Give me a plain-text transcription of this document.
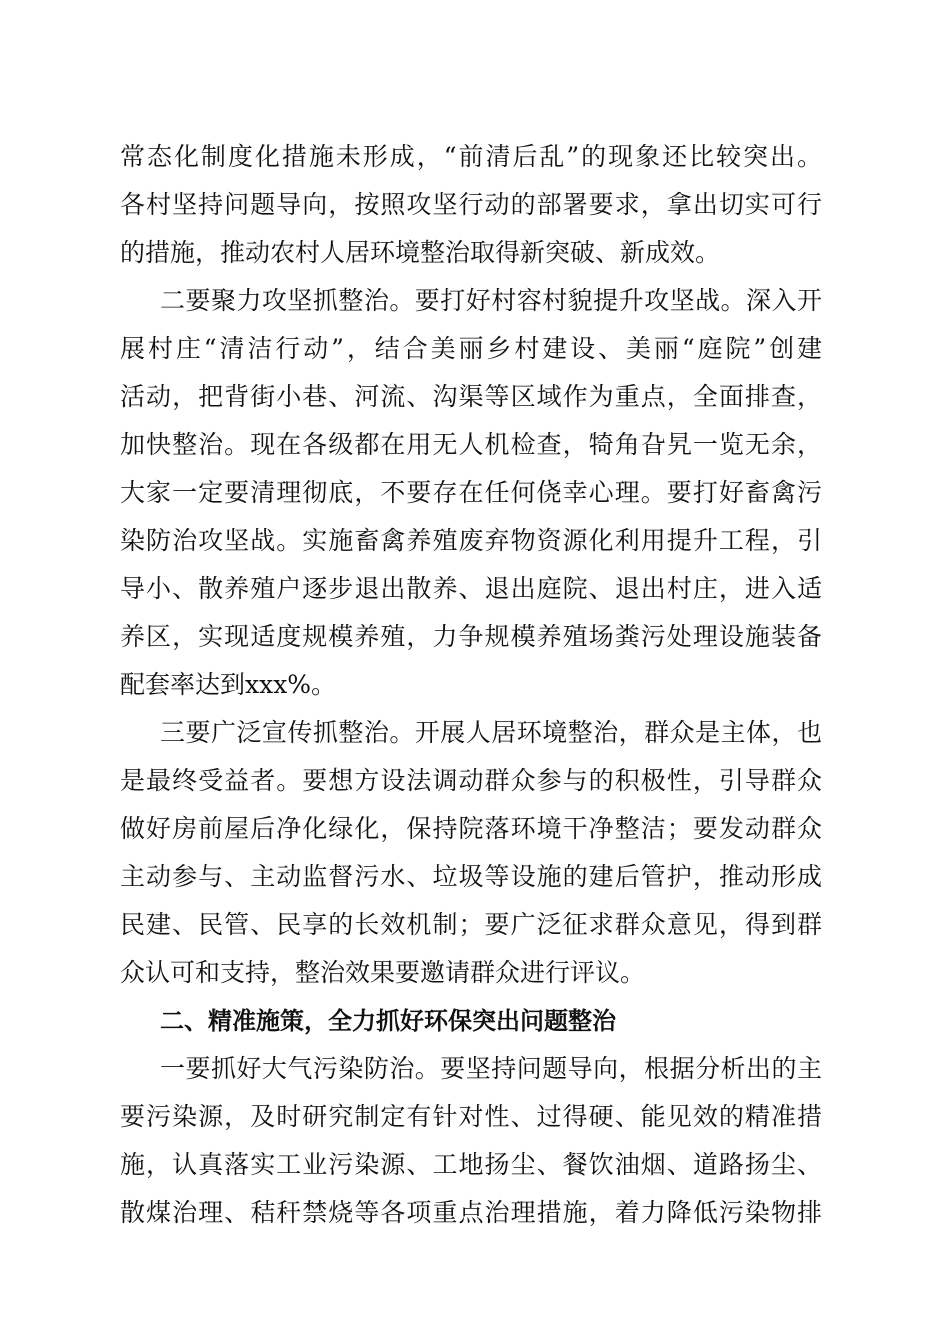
常态化制度化措施未形成，“前清后乱”的现象还比较突出。
各村坚持问题导向，按照攻坚行动的部署要求，拿出切实可行
的措施，推动农村人居环境整治取得新突破、新成效。
二要聚力攻坚抓整治。要打好村容村貌提升攻坚战。深入开
展村庄“清洁行动”，结合美丽乡村建设、美丽“庭院”创建
活动，把背街小巷、河流、沟渠等区域作为重点，全面排查，
加快整治。现在各级都在用无人机检查，犄角旮旯一览无余，
大家一定要清理彻底，不要存在任何侥幸心理。要打好畜禽污
染防治攻坚战。实施畜禽养殖废弃物资源化利用提升工程，引
导小、散养殖户逐步退出散养、退出庭院、退出村庄，进入适
养区，实现适度规模养殖，力争规模养殖场粪污处理设施装备
配套率达到xxx%。
三要广泛宣传抓整治。开展人居环境整治，群众是主体，也
是最终受益者。要想方设法调动群众参与的积极性，引导群众
做好房前屋后净化绿化，保持院落环境干净整洁；要发动群众
主动参与、主动监督污水、垃圾等设施的建后管护，推动形成
民建、民管、民享的长效机制；要广泛征求群众意见，得到群
众认可和支持，整治效果要邀请群众进行评议。
二、精准施策，全力抓好环保突出问题整治
一要抓好大气污染防治。要坚持问题导向，根据分析出的主
要污染源，及时研究制定有针对性、过得硬、能见效的精准措
施，认真落实工业污染源、工地扬尘、餐饮油烟、道路扬尘、
散煤治理、秸秆禁烧等各项重点治理措施，着力降低污染物排
